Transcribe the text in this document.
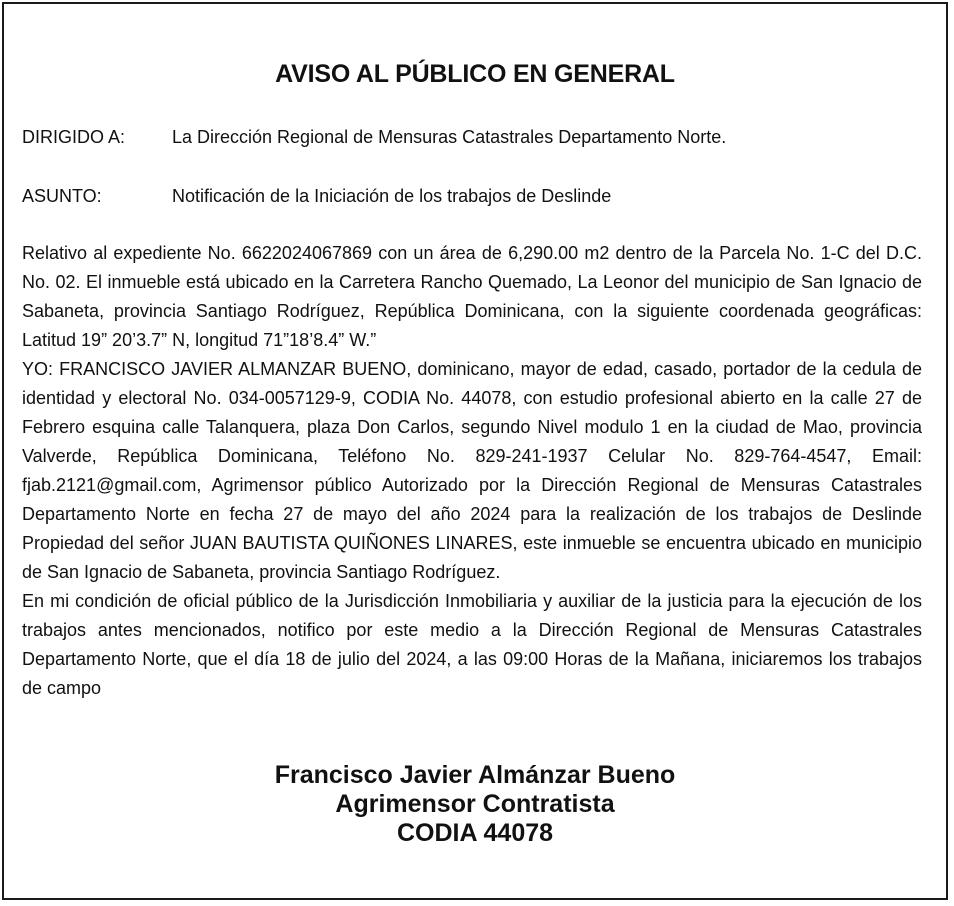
AVISO AL PÚBLICO EN GENERAL
DIRIGIDO A:	La Dirección Regional de Mensuras Catastrales Departamento Norte.
ASUNTO:	Notificación de la Iniciación de los trabajos de Deslinde

Relativo al expediente No. 6622024067869 con un área de 6,290.00 m2 dentro de la Parcela No. 1-C del D.C. No. 02. El inmueble está ubicado en la Carretera Rancho Quemado, La Leonor del municipio de San Ignacio de Sabaneta, provincia Santiago Rodríguez, República Dominicana, con la siguiente coordenada geográficas: Latitud 19” 20’3.7” N, longitud 71”18’8.4” W.”

YO: FRANCISCO JAVIER ALMANZAR BUENO, dominicano, mayor de edad, casado, portador de la cedula de identidad y electoral No. 034-0057129-9, CODIA No. 44078, con estudio profesional abierto en la calle 27 de Febrero esquina calle Talanquera, plaza Don Carlos, segundo Nivel modulo 1 en la ciudad de Mao, provincia Valverde, República Dominicana, Teléfono No. 829-241-1937 Celular No. 829-764-4547, Email: fjab.2121@gmail.com, Agrimensor público Autorizado por la Dirección Regional de Mensuras Catastrales Departamento Norte en fecha 27 de mayo del año 2024 para la realización de los trabajos de Deslinde Propiedad del señor JUAN BAUTISTA QUIÑONES LINARES, este inmueble se encuentra ubicado en municipio de San Ignacio de Sabaneta, provincia Santiago Rodríguez.

En mi condición de oficial público de la Jurisdicción Inmobiliaria y auxiliar de la justicia para la ejecución de los trabajos antes mencionados, notifico por este medio a la Dirección Regional de Mensuras Catastrales Departamento Norte, que el día 18 de julio del 2024, a las 09:00 Horas de la Mañana, iniciaremos los trabajos de campo

Francisco Javier Almánzar Bueno
Agrimensor Contratista
CODIA 44078
